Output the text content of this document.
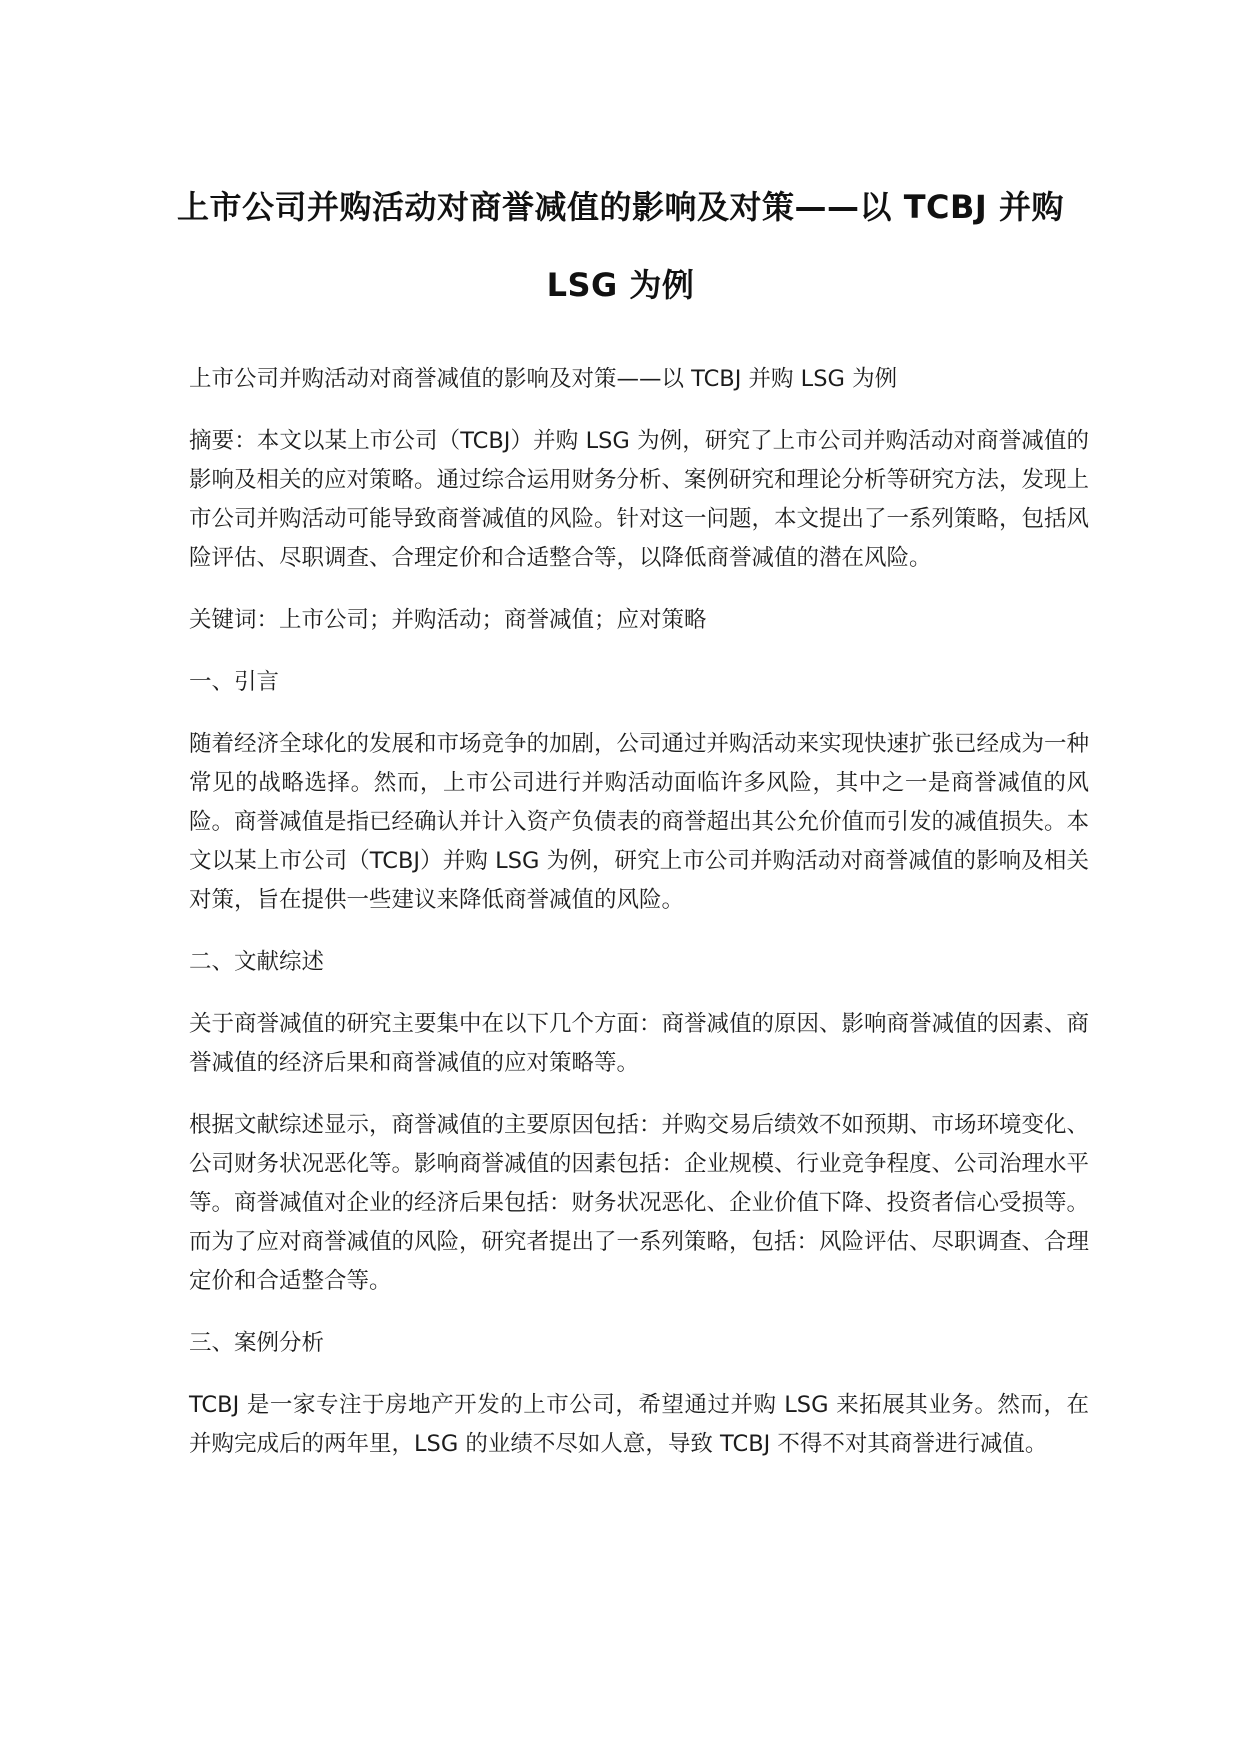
上市公司并购活动对商誉减值的影响及对策——以 TCBJ 并购 LSG 为例

上市公司并购活动对商誉减值的影响及对策——以 TCBJ 并购 LSG 为例

摘要：本文以某上市公司（TCBJ）并购 LSG 为例，研究了上市公司并购活动对商誉减值的影响及相关的应对策略。通过综合运用财务分析、案例研究和理论分析等研究方法，发现上市公司并购活动可能导致商誉减值的风险。针对这一问题，本文提出了一系列策略，包括风险评估、尽职调查、合理定价和合适整合等，以降低商誉减值的潜在风险。

关键词：上市公司；并购活动；商誉减值；应对策略

一、引言

随着经济全球化的发展和市场竞争的加剧，公司通过并购活动来实现快速扩张已经成为一种常见的战略选择。然而，上市公司进行并购活动面临许多风险，其中之一是商誉减值的风险。商誉减值是指已经确认并计入资产负债表的商誉超出其公允价值而引发的减值损失。本文以某上市公司（TCBJ）并购 LSG 为例，研究上市公司并购活动对商誉减值的影响及相关对策，旨在提供一些建议来降低商誉减值的风险。

二、文献综述

关于商誉减值的研究主要集中在以下几个方面：商誉减值的原因、影响商誉减值的因素、商誉减值的经济后果和商誉减值的应对策略等。

根据文献综述显示，商誉减值的主要原因包括：并购交易后绩效不如预期、市场环境变化、公司财务状况恶化等。影响商誉减值的因素包括：企业规模、行业竞争程度、公司治理水平等。商誉减值对企业的经济后果包括：财务状况恶化、企业价值下降、投资者信心受损等。而为了应对商誉减值的风险，研究者提出了一系列策略，包括：风险评估、尽职调查、合理定价和合适整合等。

三、案例分析

TCBJ 是一家专注于房地产开发的上市公司，希望通过并购 LSG 来拓展其业务。然而，在并购完成后的两年里，LSG 的业绩不尽如人意，导致 TCBJ 不得不对其商誉进行减值。
